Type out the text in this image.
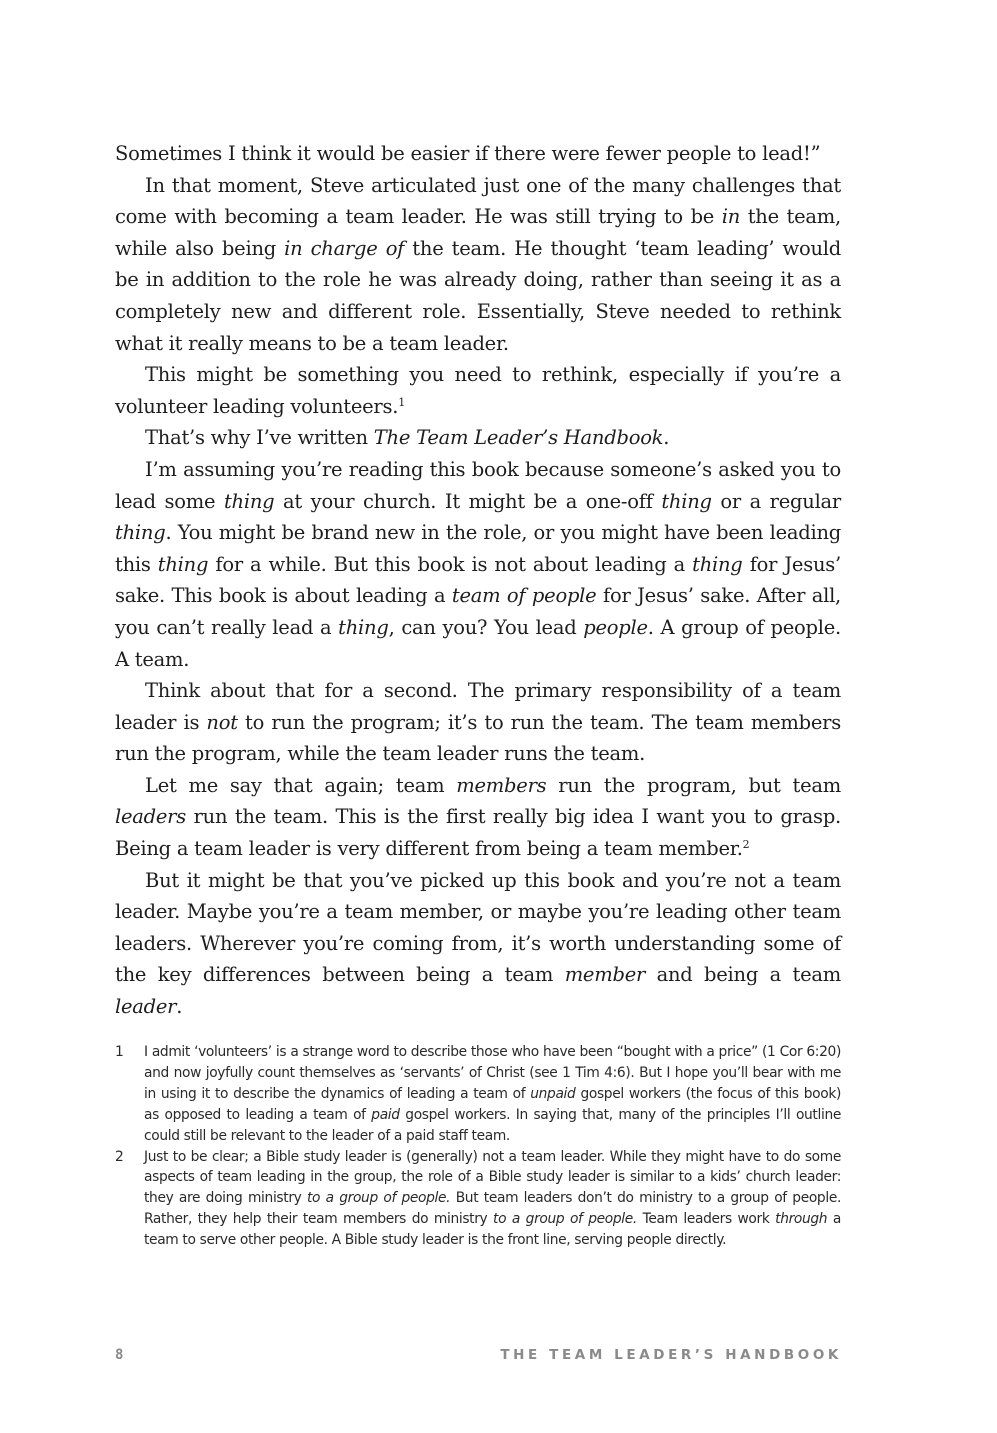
Sometimes I think it would be easier if there were fewer people to lead!”

In that moment, Steve articulated just one of the many challenges that come with becoming a team leader. He was still trying to be in the team, while also being in charge of the team. He thought ‘team leading’ would be in addition to the role he was already doing, rather than seeing it as a completely new and different role. Essentially, Steve needed to rethink what it really means to be a team leader.

This might be something you need to rethink, especially if you’re a volunteer leading volunteers.$^1$

That’s why I’ve written The Team Leader’s Handbook.

I’m assuming you’re reading this book because someone’s asked you to lead some thing at your church. It might be a one-off thing or a regular thing. You might be brand new in the role, or you might have been leading this thing for a while. But this book is not about leading a thing for Jesus’ sake. This book is about leading a team of people for Jesus’ sake. After all, you can’t really lead a thing, can you? You lead people. A group of people. A team.

Think about that for a second. The primary responsibility of a team leader is not to run the program; it’s to run the team. The team members run the program, while the team leader runs the team.

Let me say that again; team members run the program, but team leaders run the team. This is the first really big idea I want you to grasp. Being a team leader is very different from being a team member.$^2$

But it might be that you’ve picked up this book and you’re not a team leader. Maybe you’re a team member, or maybe you’re leading other team leaders. Wherever you’re coming from, it’s worth understanding some of the key differences between being a team member and being a team leader.

1 I admit ‘volunteers’ is a strange word to describe those who have been “bought with a price” (1 Cor 6:20) and now joyfully count themselves as ‘servants’ of Christ (see 1 Tim 4:6). But I hope you’ll bear with me in using it to describe the dynamics of leading a team of unpaid gospel workers (the focus of this book) as opposed to leading a team of paid gospel workers. In saying that, many of the principles I’ll outline could still be relevant to the leader of a paid staff team.

2 Just to be clear; a Bible study leader is (generally) not a team leader. While they might have to do some aspects of team leading in the group, the role of a Bible study leader is similar to a kids’ church leader: they are doing ministry to a group of people. But team leaders don’t do ministry to a group of people. Rather, they help their team members do ministry to a group of people. Team leaders work through a team to serve other people. A Bible study leader is the front line, serving people directly.

8	THE TEAM LEADER’S HANDBOOK
